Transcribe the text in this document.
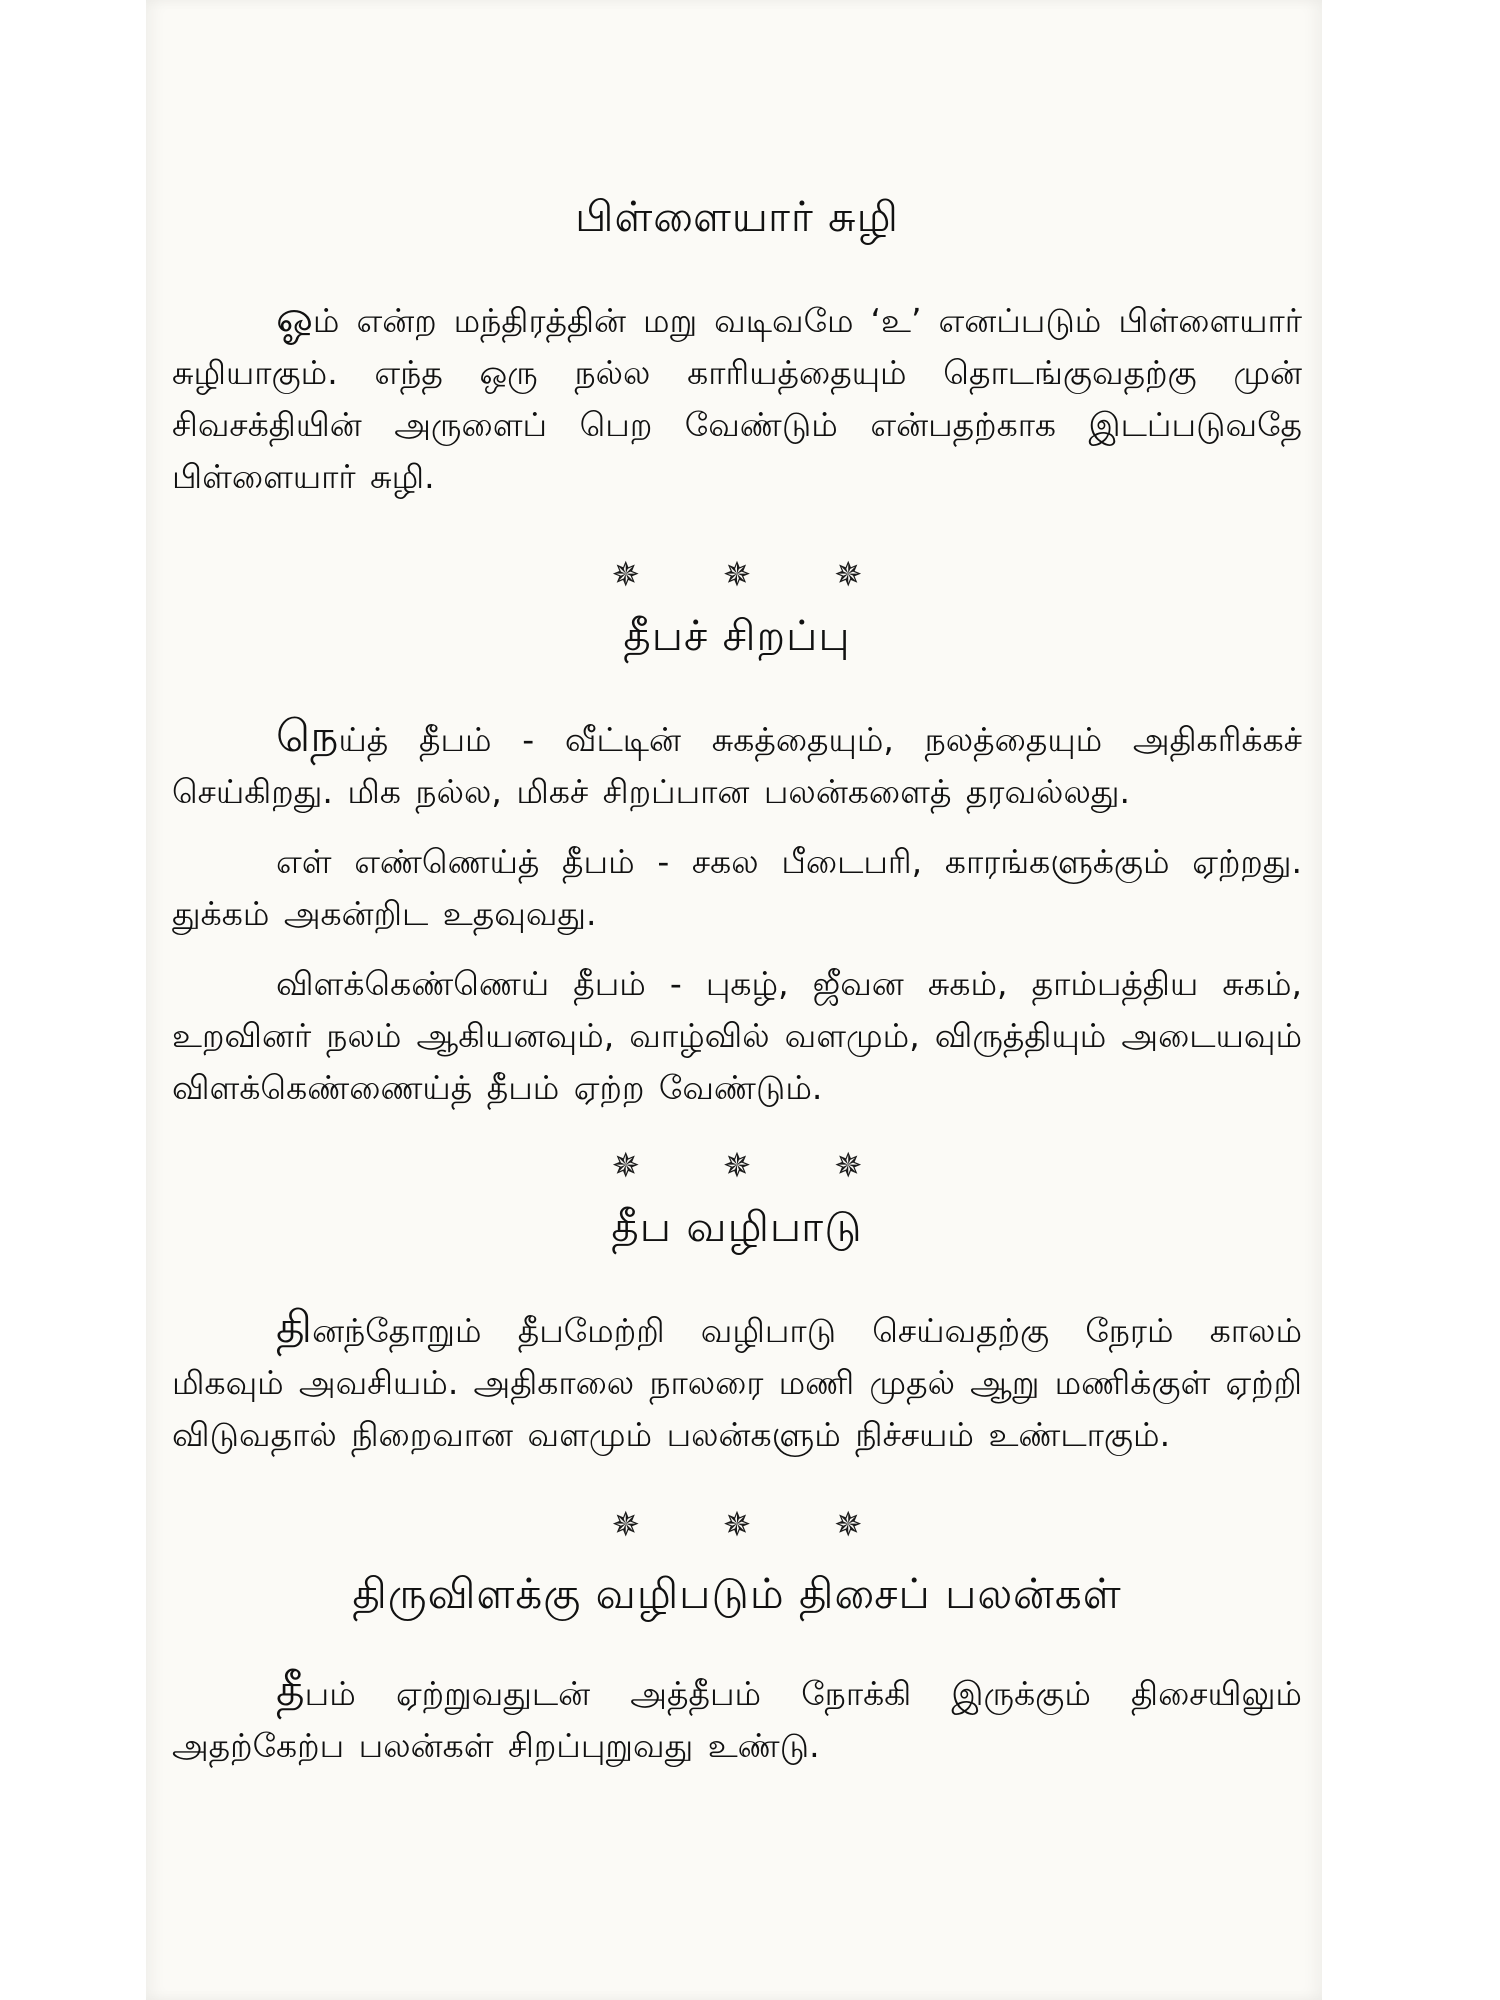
பிள்ளையார் சுழி

ஓம் என்ற மந்திரத்தின் மறு வடிவமே ‘உ’ எனப்படும் பிள்ளையார் சுழியாகும். எந்த ஒரு நல்ல காரியத்தையும் தொடங்குவதற்கு முன் சிவசக்தியின் அருளைப் பெற வேண்டும் என்பதற்காக இடப்படுவதே பிள்ளையார் சுழி.

✵ ✵ ✵
தீபச் சிறப்பு

நெய்த் தீபம் - வீட்டின் சுகத்தையும், நலத்தையும் அதிகரிக்கச் செய்கிறது. மிக நல்ல, மிகச் சிறப்பான பலன்களைத் தரவல்லது.

எள் எண்ணெய்த் தீபம் - சகல பீடைபரி, காரங்களுக்கும் ஏற்றது. துக்கம் அகன்றிட உதவுவது.

விளக்கெண்ணெய் தீபம் - புகழ், ஜீவன சுகம், தாம்பத்திய சுகம், உறவினர் நலம் ஆகியனவும், வாழ்வில் வளமும், விருத்தியும் அடையவும் விளக்கெண்ணைய்த் தீபம் ஏற்ற வேண்டும்.

✵ ✵ ✵
தீப வழிபாடு

தினந்தோறும் தீபமேற்றி வழிபாடு செய்வதற்கு நேரம் காலம் மிகவும் அவசியம். அதிகாலை நாலரை மணி முதல் ஆறு மணிக்குள் ஏற்றி விடுவதால் நிறைவான வளமும் பலன்களும் நிச்சயம் உண்டாகும்.

✵ ✵ ✵
திருவிளக்கு வழிபடும் திசைப் பலன்கள்

தீபம் ஏற்றுவதுடன் அத்தீபம் நோக்கி இருக்கும் திசையிலும் அதற்கேற்ப பலன்கள் சிறப்புறுவது உண்டு.
